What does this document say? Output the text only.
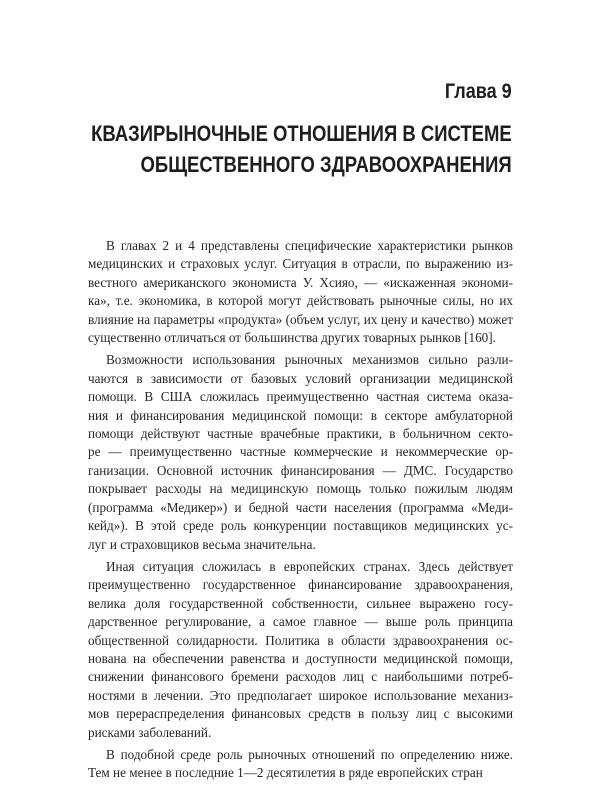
Глава 9
КВАЗИРЫНОЧНЫЕ ОТНОШЕНИЯ В СИСТЕМЕ
ОБЩЕСТВЕННОГО ЗДРАВООХРАНЕНИЯ
В главах 2 и 4 представлены специфические характеристики рынков
медицинских и страховых услуг. Ситуация в отрасли, по выражению из-
вестного американского экономиста У. Хсияо, — «искаженная экономи-
ка», т.е. экономика, в которой могут действовать рыночные силы, но их
влияние на параметры «продукта» (объем услуг, их цену и качество) может
существенно отличаться от большинства других товарных рынков [160].
Возможности использования рыночных механизмов сильно разли-
чаются в зависимости от базовых условий организации медицинской
помощи. В США сложилась преимущественно частная система оказа-
ния и финансирования медицинской помощи: в секторе амбулаторной
помощи действуют частные врачебные практики, в больничном секто-
ре — преимущественно частные коммерческие и некоммерческие ор-
ганизации. Основной источник финансирования — ДМС. Государство
покрывает расходы на медицинскую помощь только пожилым людям
(программа «Медикер») и бедной части населения (программа «Меди-
кейд»). В этой среде роль конкуренции поставщиков медицинских ус-
луг и страховщиков весьма значительна.
Иная ситуация сложилась в европейских странах. Здесь действует
преимущественно государственное финансирование здравоохранения,
велика доля государственной собственности, сильнее выражено госу-
дарственное регулирование, а самое главное — выше роль принципа
общественной солидарности. Политика в области здравоохранения ос-
нована на обеспечении равенства и доступности медицинской помощи,
снижении финансового бремени расходов лиц с наибольшими потреб-
ностями в лечении. Это предполагает широкое использование механиз-
мов перераспределения финансовых средств в пользу лиц с высокими
рисками заболеваний.
В подобной среде роль рыночных отношений по определению ниже.
Тем не менее в последние 1—2 десятилетия в ряде европейских стран
